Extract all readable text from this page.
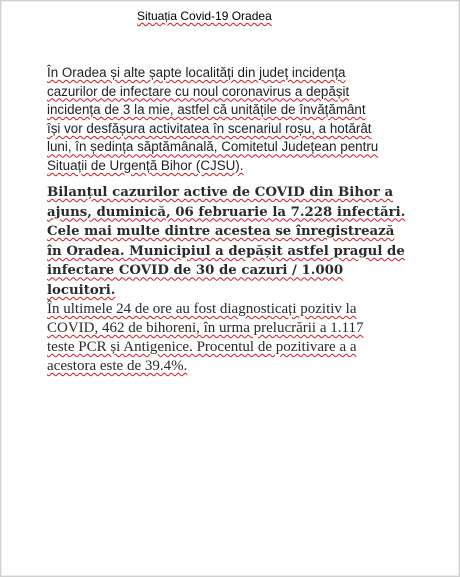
Situația Covid-19 Oradea
În Oradea și alte șapte localități din județ incidența
cazurilor de infectare cu noul coronavirus a depășit
incidența de 3 la mie, astfel că unitățile de învățământ
își vor desfășura activitatea în scenariul roșu, a hotărât
luni, în ședința săptămânală, Comitetul Județean pentru
Situații de Urgență Bihor (CJSU).
Bilanțul cazurilor active de COVID din Bihor a
ajuns, duminică, 06 februarie la 7.228 infectări.
Cele mai multe dintre acestea se înregistrează
în Oradea. Municipiul a depășit astfel pragul de
infectare COVID de 30 de cazuri / 1.000
locuitori.
În ultimele 24 de ore au fost diagnosticați pozitiv la
COVID, 462 de bihoreni, în urma prelucrării a 1.117
teste PCR și Antigenice. Procentul de pozitivare a a
acestora este de 39.4%.
